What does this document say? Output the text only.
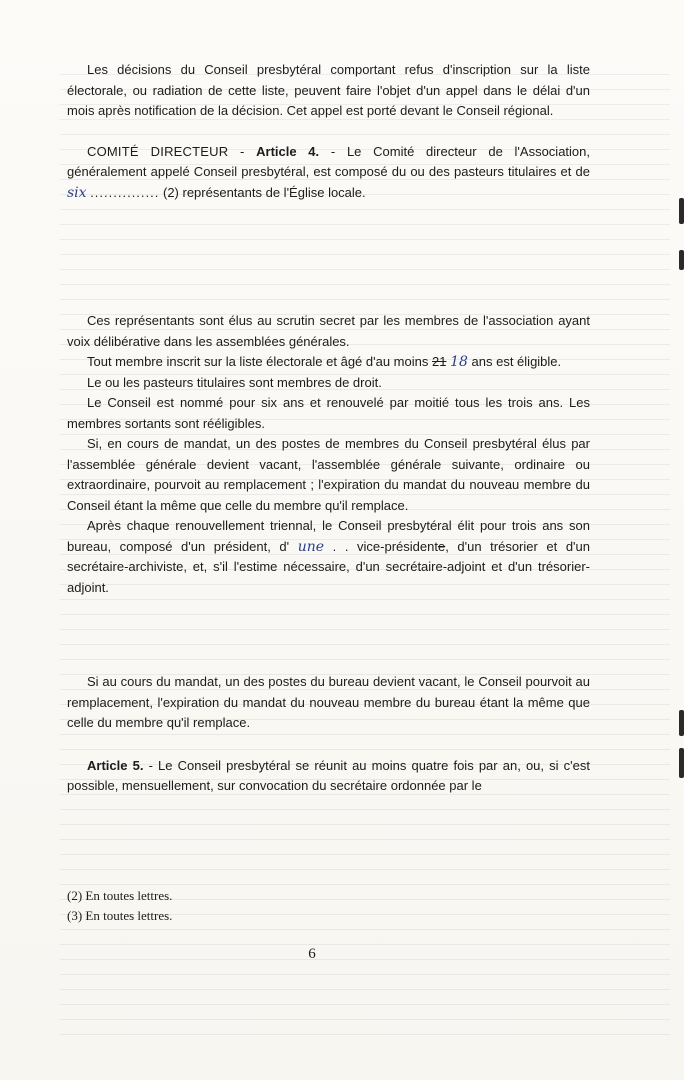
Les décisions du Conseil presbytéral comportant refus d'inscription sur la liste électorale, ou radiation de cette liste, peuvent faire l'objet d'un appel dans le délai d'un mois après notification de la décision. Cet appel est porté devant le Conseil régional.

COMITÉ DIRECTEUR - Article 4. - Le Comité directeur de l'Association, généralement appelé Conseil presbytéral, est composé du ou des pasteurs titulaires et de six ............... (2) représentants de l'Église locale.

Ces représentants sont élus au scrutin secret par les membres de l'association ayant voix délibérative dans les assemblées générales.

Tout membre inscrit sur la liste électorale et âgé d'au moins 21 18 ans est éligible.

Le ou les pasteurs titulaires sont membres de droit.

Le Conseil est nommé pour six ans et renouvelé par moitié tous les trois ans. Les membres sortants sont rééligibles.

Si, en cours de mandat, un des postes de membres du Conseil presbytéral élus par l'assemblée générale devient vacant, l'assemblée générale suivante, ordinaire ou extraordinaire, pourvoit au remplacement ; l'expiration du mandat du nouveau membre du Conseil étant la même que celle du membre qu'il remplace.

Après chaque renouvellement triennal, le Conseil presbytéral élit pour trois ans son bureau, composé d'un président, d' une . . vice-présidente, d'un trésorier et d'un secrétaire-archiviste, et, s'il l'estime nécessaire, d'un secrétaire-adjoint et d'un trésorier-adjoint.

Si au cours du mandat, un des postes du bureau devient vacant, le Conseil pourvoit au remplacement, l'expiration du mandat du nouveau membre du bureau étant la même que celle du membre qu'il remplace.

Article 5. - Le Conseil presbytéral se réunit au moins quatre fois par an, ou, si c'est possible, mensuellement, sur convocation du secrétaire ordonnée par le

(2) En toutes lettres.
(3) En toutes lettres.
6
